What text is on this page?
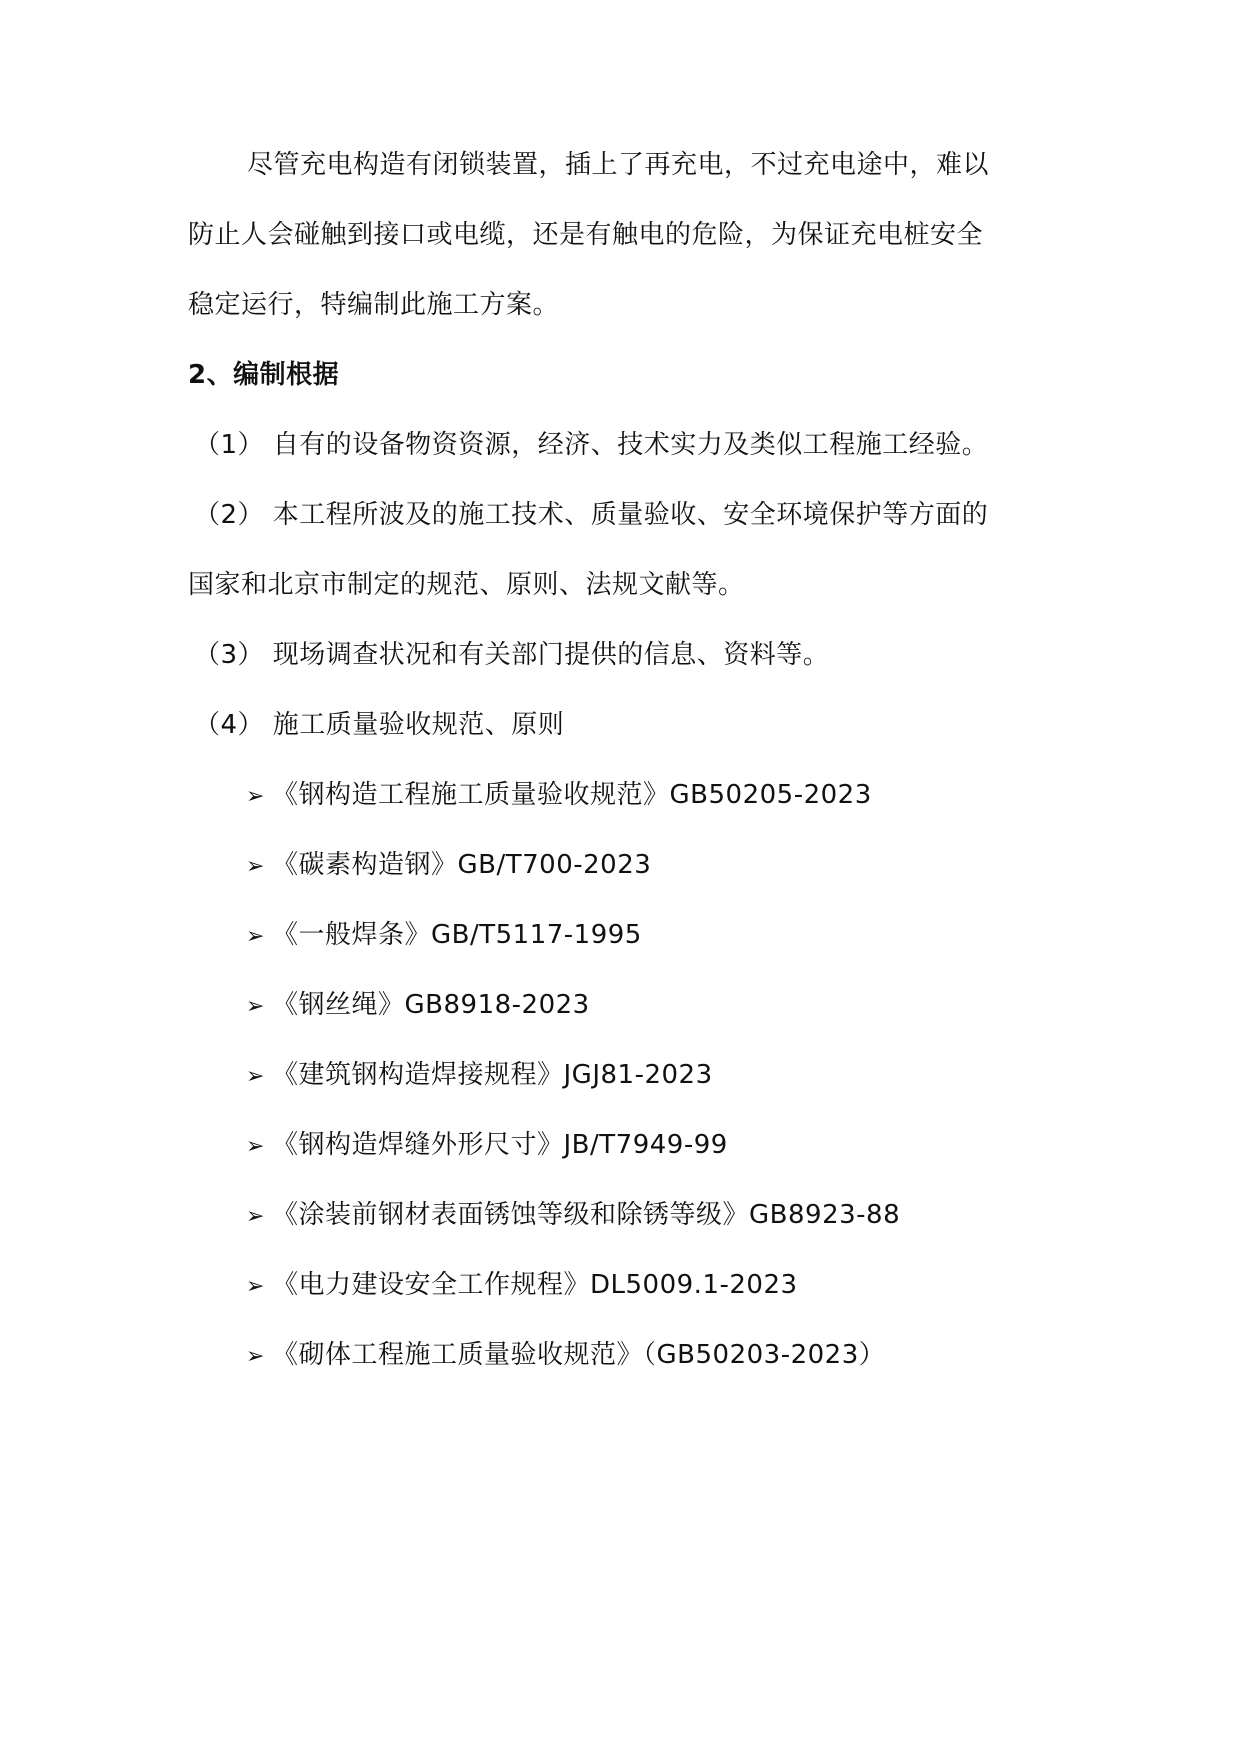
尽管充电构造有闭锁装置，插上了再充电，不过充电途中，难以
防止人会碰触到接口或电缆，还是有触电的危险，为保证充电桩安全
稳定运行，特编制此施工方案。
2、编制根据
（1） 自有的设备物资资源，经济、技术实力及类似工程施工经验。
（2） 本工程所波及的施工技术、质量验收、安全环境保护等方面的
国家和北京市制定的规范、原则、法规文献等。
（3） 现场调查状况和有关部门提供的信息、资料等。
（4） 施工质量验收规范、原则
➢ 《钢构造工程施工质量验收规范》GB50205-2023
➢ 《碳素构造钢》GB/T700-2023
➢ 《一般焊条》GB/T5117-1995
➢ 《钢丝绳》GB8918-2023
➢ 《建筑钢构造焊接规程》JGJ81-2023
➢ 《钢构造焊缝外形尺寸》JB/T7949-99
➢ 《涂装前钢材表面锈蚀等级和除锈等级》GB8923-88
➢ 《电力建设安全工作规程》DL5009.1-2023
➢ 《砌体工程施工质量验收规范》（GB50203-2023）
